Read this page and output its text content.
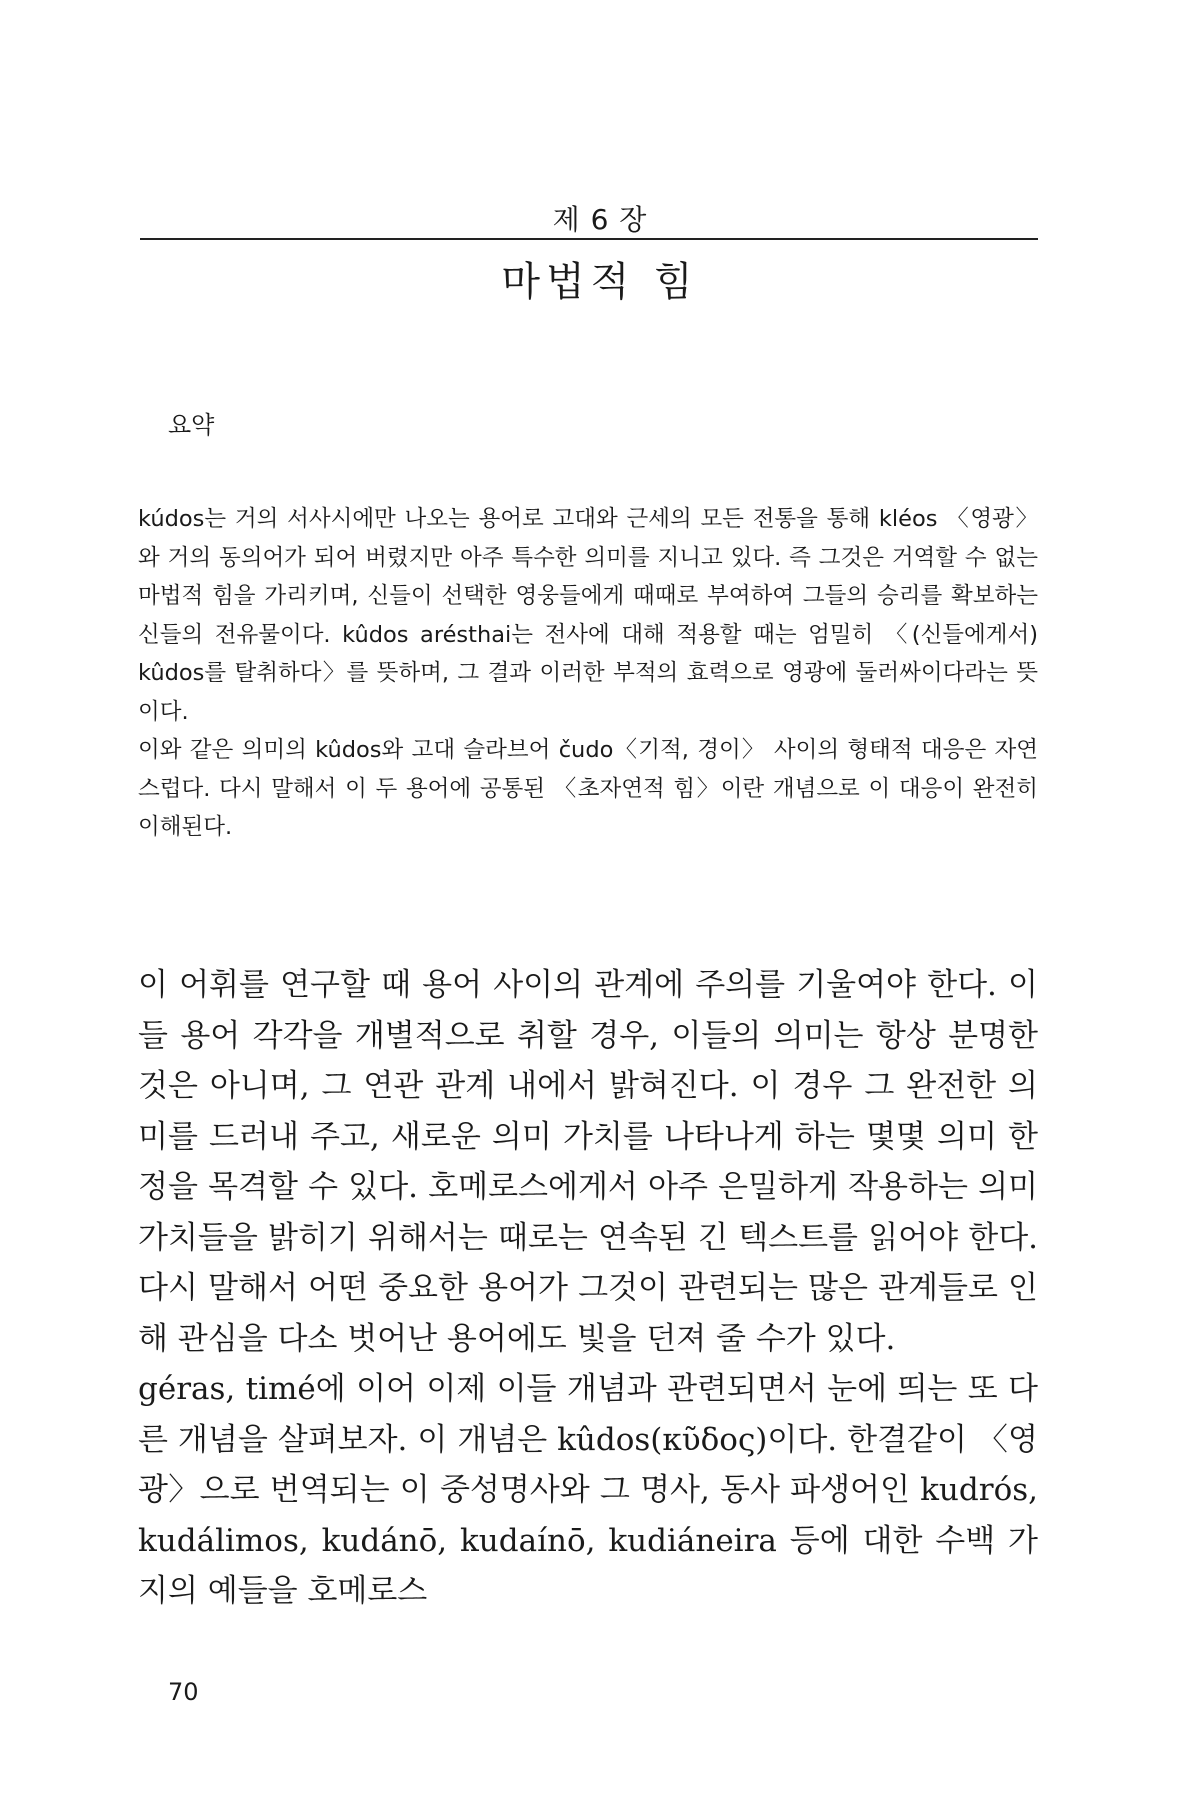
제 6 장
마법적 힘
요약

kúdos는 거의 서사시에만 나오는 용어로 고대와 근세의 모든 전통을 통해 kléos 〈영광〉와 거의 동의어가 되어 버렸지만 아주 특수한 의미를 지니고 있다. 즉 그것은 거역할 수 없는 마법적 힘을 가리키며, 신들이 선택한 영웅들에게 때때로 부여하여 그들의 승리를 확보하는 신들의 전유물이다. kûdos arésthai는 전사에 대해 적용할 때는 엄밀히 〈(신들에게서) kûdos를 탈취하다〉를 뜻하며, 그 결과 이러한 부적의 효력으로 영광에 둘러싸이다라는 뜻이다.

이와 같은 의미의 kûdos와 고대 슬라브어 čudo〈기적, 경이〉 사이의 형태적 대응은 자연스럽다. 다시 말해서 이 두 용어에 공통된 〈초자연적 힘〉이란 개념으로 이 대응이 완전히 이해된다.

이 어휘를 연구할 때 용어 사이의 관계에 주의를 기울여야 한다. 이들 용어 각각을 개별적으로 취할 경우, 이들의 의미는 항상 분명한 것은 아니며, 그 연관 관계 내에서 밝혀진다. 이 경우 그 완전한 의미를 드러내 주고, 새로운 의미 가치를 나타나게 하는 몇몇 의미 한정을 목격할 수 있다. 호메로스에게서 아주 은밀하게 작용하는 의미 가치들을 밝히기 위해서는 때로는 연속된 긴 텍스트를 읽어야 한다. 다시 말해서 어떤 중요한 용어가 그것이 관련되는 많은 관계들로 인해 관심을 다소 벗어난 용어에도 빛을 던져 줄 수가 있다.

géras, timé에 이어 이제 이들 개념과 관련되면서 눈에 띄는 또 다른 개념을 살펴보자. 이 개념은 kûdos(κῦδος)이다. 한결같이 〈영광〉으로 번역되는 이 중성명사와 그 명사, 동사 파생어인 kudrós, kudálimos, kudánō, kudaínō, kudiáneira 등에 대한 수백 가지의 예들을 호메로스

70
